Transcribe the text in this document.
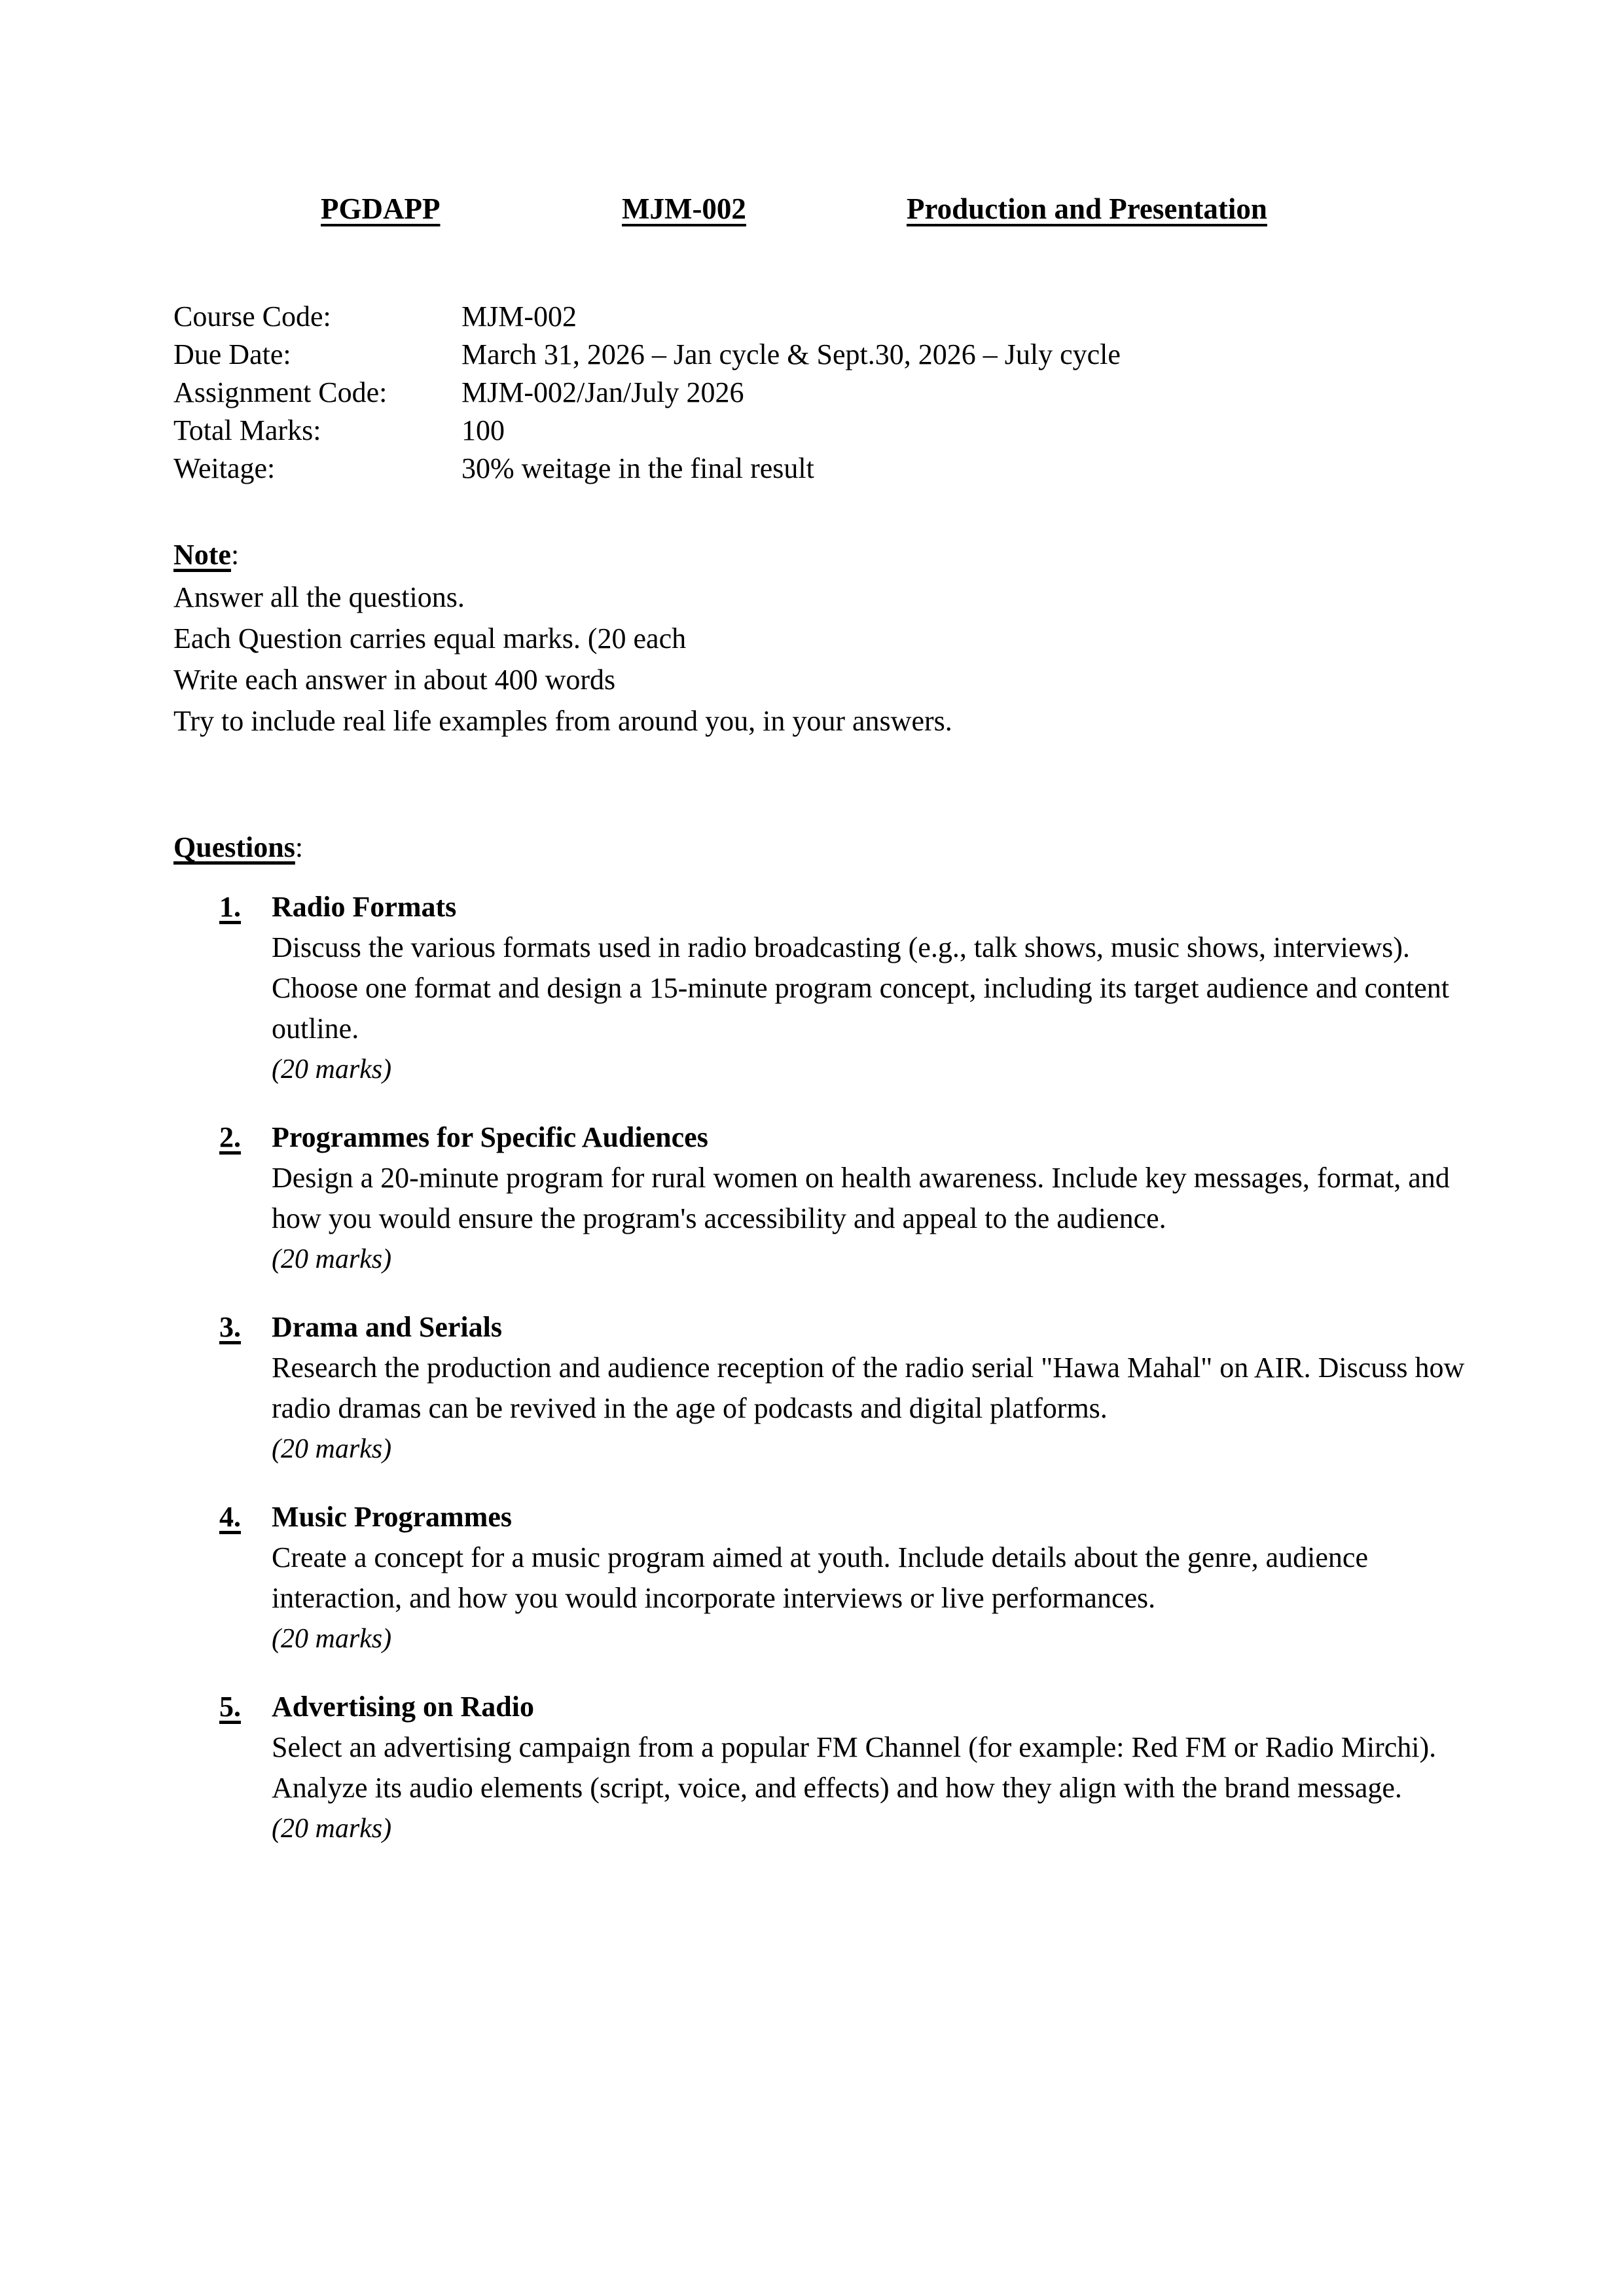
PGDAPP	MJM-002	Production and Presentation
Course Code:	MJM-002
Due Date:	March 31, 2026 – Jan cycle & Sept.30, 2026 – July cycle
Assignment Code:	MJM-002/Jan/July 2026
Total Marks:	100
Weitage:	30% weitage in the final result
Note:
Answer all the questions.
Each Question carries equal marks. (20 each
Write each answer in about 400 words
Try to include real life examples from around you, in your answers.
Questions:
1. Radio Formats
Discuss the various formats used in radio broadcasting (e.g., talk shows, music shows, interviews). Choose one format and design a 15-minute program concept, including its target audience and content outline.
(20 marks)
2. Programmes for Specific Audiences
Design a 20-minute program for rural women on health awareness. Include key messages, format, and how you would ensure the program's accessibility and appeal to the audience.
(20 marks)
3. Drama and Serials
Research the production and audience reception of the radio serial "Hawa Mahal" on AIR. Discuss how radio dramas can be revived in the age of podcasts and digital platforms.
(20 marks)
4. Music Programmes
Create a concept for a music program aimed at youth. Include details about the genre, audience interaction, and how you would incorporate interviews or live performances.
(20 marks)
5. Advertising on Radio
Select an advertising campaign from a popular FM Channel (for example: Red FM or Radio Mirchi). Analyze its audio elements (script, voice, and effects) and how they align with the brand message.
(20 marks)
